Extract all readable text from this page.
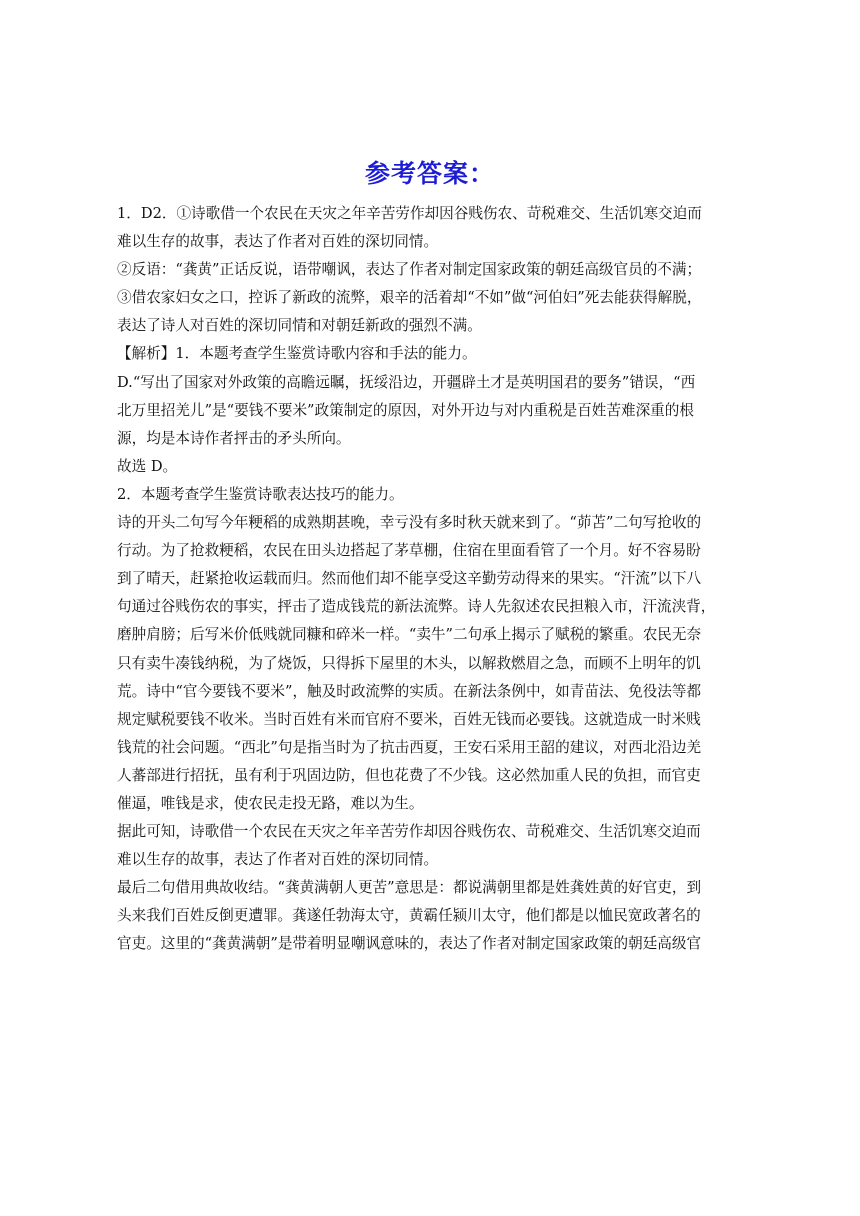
参考答案：

1．D2．①诗歌借一个农民在天灾之年辛苦劳作却因谷贱伤农、苛税难交、生活饥寒交迫而

难以生存的故事，表达了作者对百姓的深切同情。

②反语：“龚黄”正话反说，语带嘲讽，表达了作者对制定国家政策的朝廷高级官员的不满；

③借农家妇女之口，控诉了新政的流弊，艰辛的活着却“不如”做“河伯妇”死去能获得解脱，

表达了诗人对百姓的深切同情和对朝廷新政的强烈不满。

【解析】1．本题考查学生鉴赏诗歌内容和手法的能力。

D.“写出了国家对外政策的高瞻远瞩，抚绥沿边，开疆辟土才是英明国君的要务”错误，“西

北万里招羌儿”是“要钱不要米”政策制定的原因，对外开边与对内重税是百姓苦难深重的根

源，均是本诗作者抨击的矛头所向。

故选 D。

2．本题考查学生鉴赏诗歌表达技巧的能力。

诗的开头二句写今年粳稻的成熟期甚晚，幸亏没有多时秋天就来到了。“茆苫”二句写抢收的

行动。为了抢救粳稻，农民在田头边搭起了茅草棚，住宿在里面看管了一个月。好不容易盼

到了晴天，赶紧抢收运载而归。然而他们却不能享受这辛勤劳动得来的果实。“汗流”以下八

句通过谷贱伤农的事实，抨击了造成钱荒的新法流弊。诗人先叙述农民担粮入市，汗流浃背，

磨肿肩膀；后写米价低贱就同糠和碎米一样。“卖牛”二句承上揭示了赋税的繁重。农民无奈

只有卖牛凑钱纳税，为了烧饭，只得拆下屋里的木头，以解救燃眉之急，而顾不上明年的饥

荒。诗中“官今要钱不要米”，触及时政流弊的实质。在新法条例中，如青苗法、免役法等都

规定赋税要钱不收米。当时百姓有米而官府不要米，百姓无钱而必要钱。这就造成一时米贱

钱荒的社会问题。“西北”句是指当时为了抗击西夏，王安石采用王韶的建议，对西北沿边羌

人蕃部进行招抚，虽有利于巩固边防，但也花费了不少钱。这必然加重人民的负担，而官吏

催逼，唯钱是求，使农民走投无路，难以为生。

据此可知，诗歌借一个农民在天灾之年辛苦劳作却因谷贱伤农、苛税难交、生活饥寒交迫而

难以生存的故事，表达了作者对百姓的深切同情。

最后二句借用典故收结。“龚黄满朝人更苦”意思是：都说满朝里都是姓龚姓黄的好官吏，到

头来我们百姓反倒更遭罪。龚遂任勃海太守，黄霸任颍川太守，他们都是以恤民宽政著名的

官吏。这里的“龚黄满朝”是带着明显嘲讽意味的，表达了作者对制定国家政策的朝廷高级官
